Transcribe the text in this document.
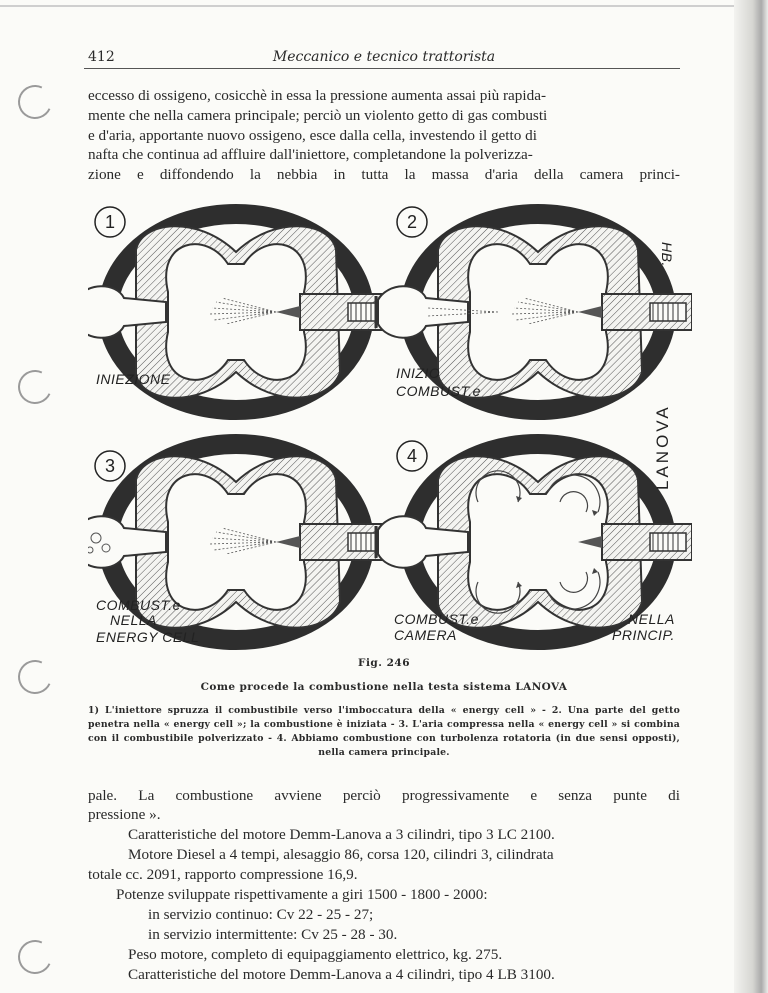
412	Meccanico e tecnico trattorista

eccesso di ossigeno, cosicchè in essa la pressione aumenta assai più rapida-

mente che nella camera principale; perciò un violento getto di gas combusti

e d'aria, apportante nuovo ossigeno, esce dalla cella, investendo il getto di

nafta che continua ad affluire dall'iniettore, completandone la polverizza-

zione e diffondendo la nebbia in tutta la massa d'aria della camera princi-

1	2
3	4
INIEZIONE	INIZIO
COMBUST.e
COMBUST.e
NELLA
ENERGY CELL
COMBUST.e
CAMERA
NELLA
PRINCIP.
LANOVA
HB.
Fig. 246
Come procede la combustione nella testa sistema LANOVA
1) L'iniettore spruzza il combustibile verso l'imboccatura della « energy cell » - 2. Una parte del getto penetra nella « energy cell »; la combustione è iniziata - 3. L'aria compressa nella « energy cell » si combina con il combustibile polverizzato - 4. Abbiamo combustione con turbolenza rotatoria (in due sensi opposti), nella camera principale.

pale. La combustione avviene perciò progressivamente e senza punte di

pressione ».
Caratteristiche del motore Demm-Lanova a 3 cilindri, tipo 3 LC 2100.
Motore Diesel a 4 tempi, alesaggio 86, corsa 120, cilindri 3, cilindrata
totale cc. 2091, rapporto compressione 16,9.
Potenze sviluppate rispettivamente a giri 1500 - 1800 - 2000:
in servizio continuo: Cv 22 - 25 - 27;
in servizio intermittente: Cv 25 - 28 - 30.
Peso motore, completo di equipaggiamento elettrico, kg. 275.
Caratteristiche del motore Demm-Lanova a 4 cilindri, tipo 4 LB 3100.
